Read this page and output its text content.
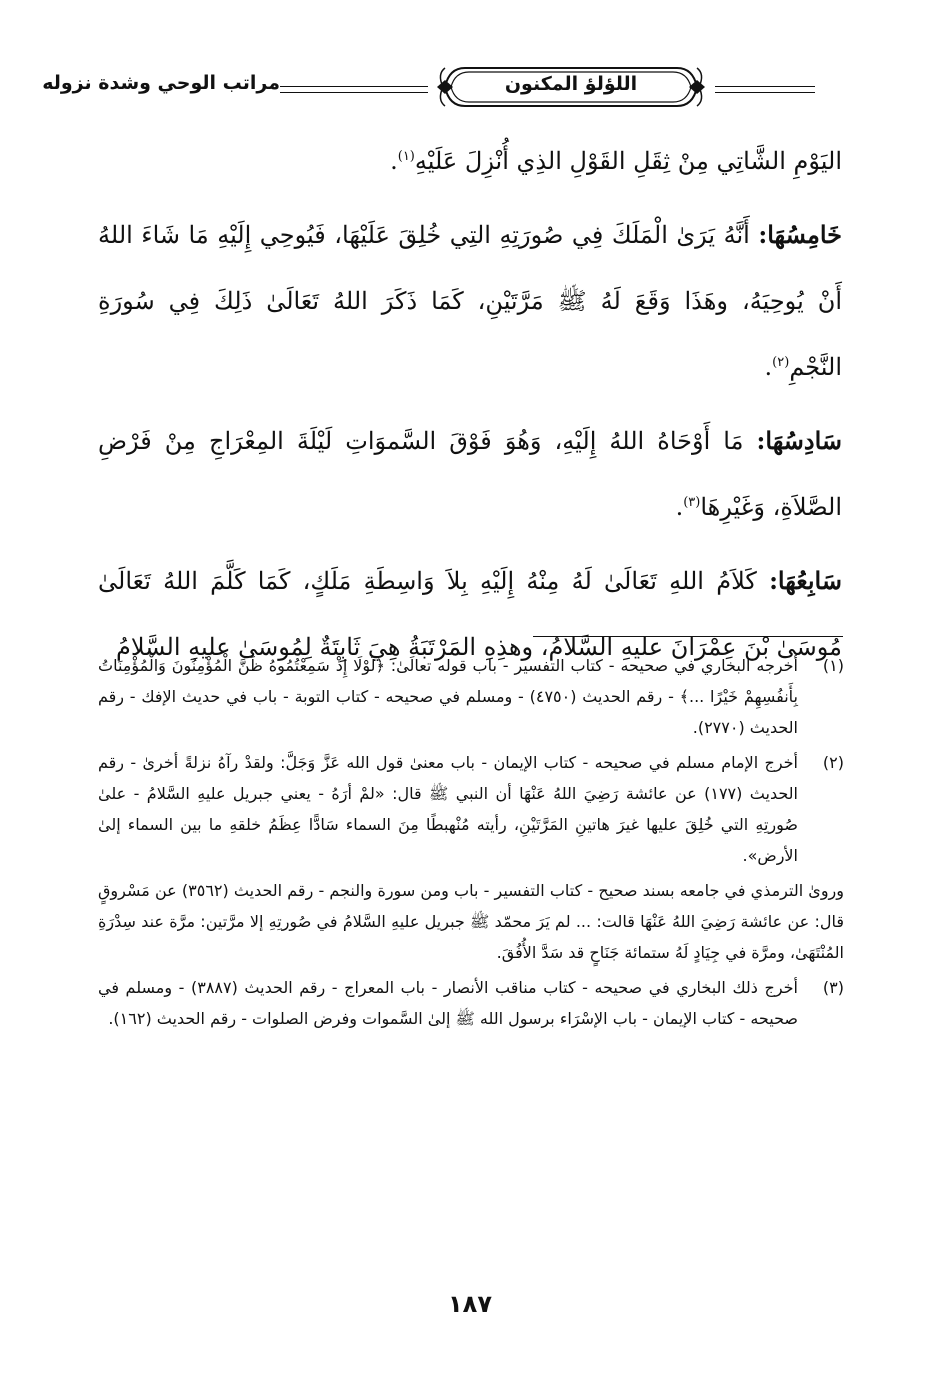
مراتب الوحي وشدة نزوله	اللؤلؤ المكنون

اليَوْمِ الشَّاتِي مِنْ ثِقَلِ القَوْلِ الذِي أُنْزِلَ عَلَيْهِ$^{(١)}$.

خَامِسُهَا: أَنَّهُ يَرَىٰ الْمَلَكَ فِي صُورَتِهِ التِي خُلِقَ عَلَيْهَا، فَيُوحِي إِلَيْهِ مَا شَاءَ اللهُ أَنْ يُوحِيَهُ، وهَذَا وَقَعَ لَهُ ﷺ مَرَّتَيْنِ، كَمَا ذَكَرَ اللهُ تَعَالَىٰ ذَلِكَ فِي سُورَةِ النَّجْمِ$^{(٢)}$.

سَادِسُهَا: مَا أَوْحَاهُ اللهُ إِلَيْهِ، وَهُوَ فَوْقَ السَّموَاتِ لَيْلَةَ المِعْرَاجِ مِنْ فَرْضِ الصَّلاَةِ، وَغَيْرِهَا$^{(٣)}$.

سَابِعُهَا: كَلاَمُ اللهِ تَعَالَىٰ لَهُ مِنْهُ إِلَيْهِ بِلاَ وَاسِطَةِ مَلَكٍ، كَمَا كَلَّمَ اللهُ تَعَالَىٰ مُوسَىٰ بْنَ عِمْرَانَ عليهِ السَّلامُ، وهذِهِ المَرْتَبَةُ هِيَ ثَابِتَةٌ لِمُوسَىٰ عليهِ السَّلامُ

(١)
أخرجه البخاري في صحيحه - كتاب التفسير - باب قوله تعالَىٰ: ﴿لَوْلَا إِذْ سَمِعْتُمُوهُ ظَنَّ الْمُؤْمِنُونَ وَالْمُؤْمِنَاتُ بِأَنفُسِهِمْ خَيْرًا ...﴾ - رقم الحديث (٤٧٥٠) - ومسلم في صحيحه - كتاب التوبة - باب في حديث الإفك - رقم الحديث (٢٧٧٠).
(٢)
أخرج الإمام مسلم في صحيحه - كتاب الإيمان - باب معنىٰ قول الله عَزَّ وَجَلَّ: ولقدْ رآهُ نزلةً أخرىٰ - رقم الحديث (١٧٧) عن عائشة رَضِيَ اللهُ عَنْهَا أن النبي ﷺ قال: «لمْ أرَهُ - يعني جبريل عليهِ السَّلامُ - علىٰ صُورتِهِ التي خُلِقَ عليها غيرَ هاتينِ المَرَّتَيْنِ، رأيته مُنْهبطًا مِنَ السماء سَادًّا عِظَمُ خلقهِ ما بين السماء إلىٰ الأرض».
ورویٰ الترمذي في جامعه بسند صحيح - كتاب التفسير - باب ومن سورة والنجم - رقم الحديث (٣٥٦٢) عن مَسْروقٍ قال: عن عائشة رَضِيَ اللهُ عَنْهَا قالت: ... لم يَرَ محمّد ﷺ جبريل عليهِ السَّلامُ في صُورتِهِ إلا مرَّتين: مرَّة عند سِدْرَةِ المُنْتَهَىٰ، ومرَّة في جِيَادٍ لَهُ ستمائة جَنَاحٍ قد سَدَّ الأُفُقَ.
(٣)
أخرج ذلك البخاري في صحيحه - كتاب مناقب الأنصار - باب المعراج - رقم الحديث (٣٨٨٧) - ومسلم في صحيحه - كتاب الإيمان - باب الإسْرَاء برسول الله ﷺ إلىٰ السَّموات وفرض الصلوات - رقم الحديث (١٦٢).
١٨٧
